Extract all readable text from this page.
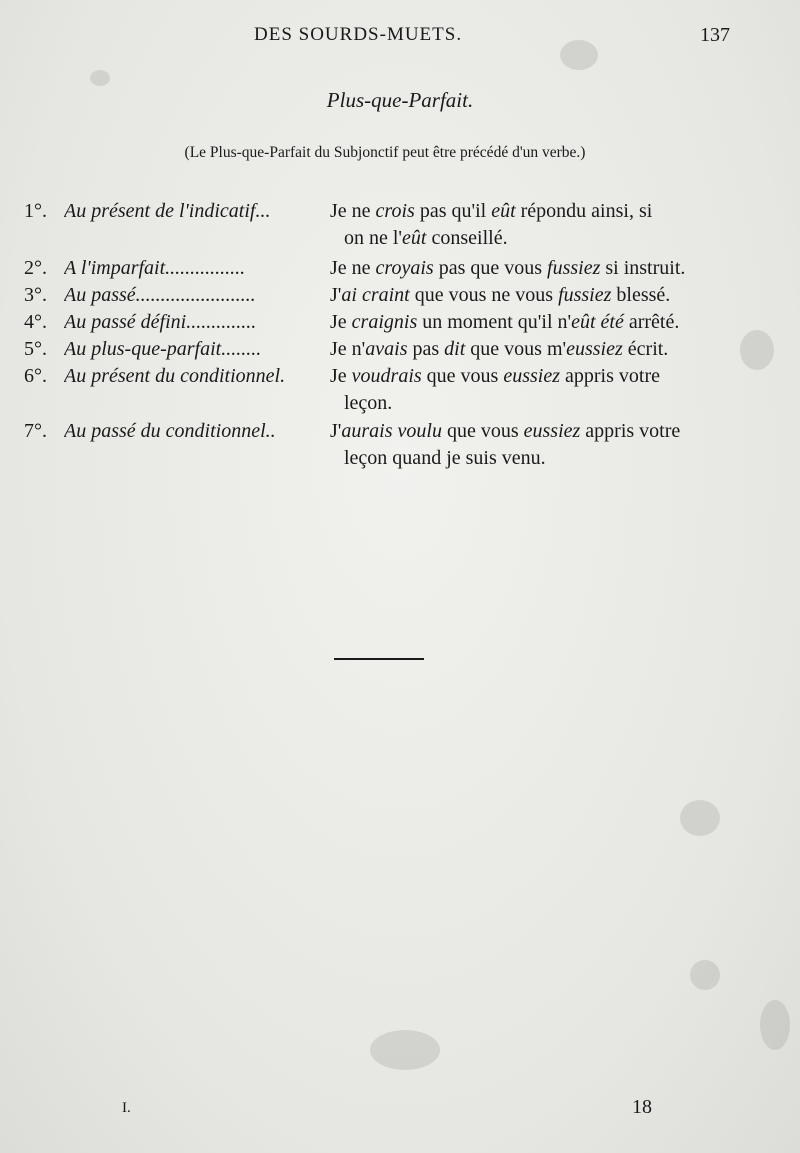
DES SOURDS-MUETS.	137
Plus-que-Parfait.
(Le Plus-que-Parfait du Subjonctif peut être précédé d'un verbe.)
1°. Au présent de l'indicatif...	Je ne crois pas qu'il eût répondu ainsi, si
on ne l'eût conseillé.
2°. A l'imparfait................	Je ne croyais pas que vous fussiez si instruit.
3°. Au passé........................	J'ai craint que vous ne vous fussiez blessé.
4°. Au passé défini..............	Je craignis un moment qu'il n'eût été arrêté.
5°. Au plus-que-parfait........	Je n'avais pas dit que vous m'eussiez écrit.
6°. Au présent du conditionnel.	Je voudrais que vous eussiez appris votre
leçon.
7°. Au passé du conditionnel..	J'aurais voulu que vous eussiez appris votre
leçon quand je suis venu.
I.	18
